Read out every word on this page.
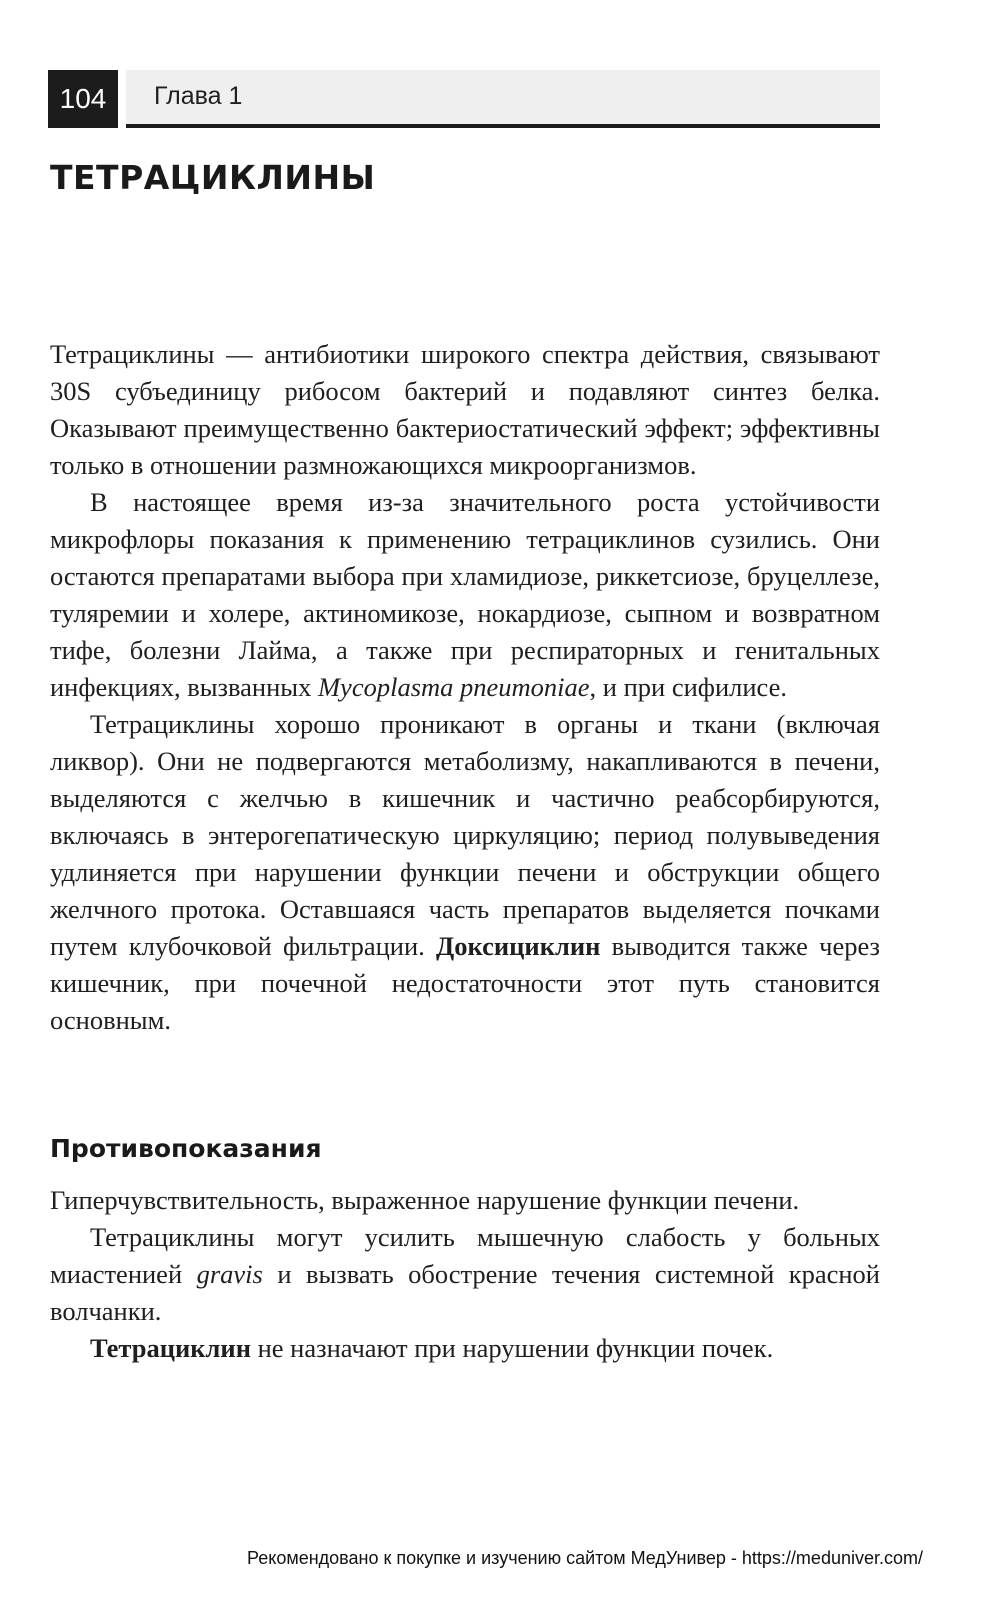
104	Глава 1
ТЕТРАЦИКЛИНЫ

Тетрациклины — антибиотики широкого спектра действия, связывают 30S субъединицу рибосом бактерий и подавляют синтез белка. Оказывают преимущественно бактериостатический эффект; эффективны только в отношении размножающихся микроорганизмов.

В настоящее время из-за значительного роста устойчивости микрофлоры показания к применению тетрациклинов сузились. Они остаются препаратами выбора при хламидиозе, риккетсиозе, бруцеллезе, туляремии и холере, актиномикозе, нокардиозе, сыпном и возвратном тифе, болезни Лайма, а также при респираторных и генитальных инфекциях, вызванных Mycoplasma pneumoniae, и при сифилисе.

Тетрациклины хорошо проникают в органы и ткани (включая ликвор). Они не подвергаются метаболизму, накапливаются в печени, выделяются с желчью в кишечник и частично реабсорбируются, включаясь в энтерогепатическую циркуляцию; период полувыведения удлиняется при нарушении функции печени и обструкции общего желчного протока. Оставшаяся часть препаратов выделяется почками путем клубочковой фильтрации. Доксициклин выводится также через кишечник, при почечной недостаточности этот путь становится основным.

Противопоказания

Гиперчувствительность, выраженное нарушение функции печени.

Тетрациклины могут усилить мышечную слабость у больных миастенией gravis и вызвать обострение течения системной красной волчанки.

Тетрациклин не назначают при нарушении функции почек.

Рекомендовано к покупке и изучению сайтом МедУнивер - https://meduniver.com/
